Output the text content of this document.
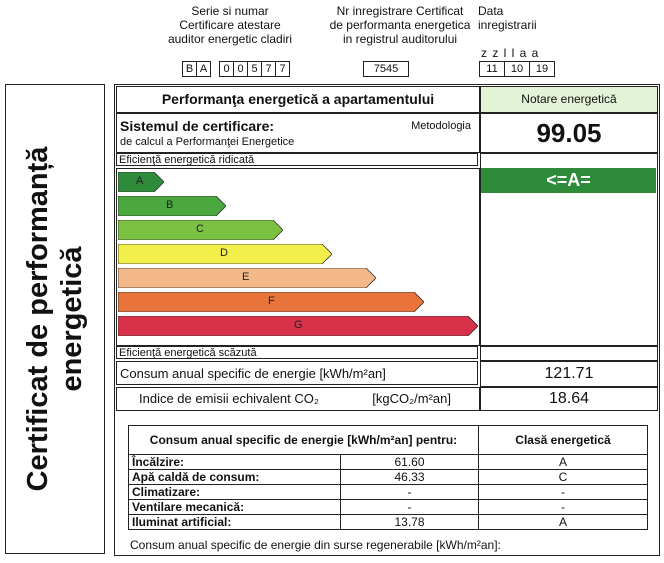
Serie si numar
Certificare atestare
auditor energetic cladiri
Nr inregistrare Certificat
de performanta energetica
in registrul auditorului
Data
inregistrarii
z z l l a a
B A	0 0 5 7 7	7545	11	10	19
Certificat de performanță energetică
Performanţa energetică a apartamentului	Notare energetică
Sistemul de certificare:
de calcul a Performanţei Energetice
Metodologia	99.05
Eficienţă energetică ridicată
<=A=
A
B
C
D
E
F
G
Eficienţă energetică scăzută
Consum anual specific de energie [kWh/m²an]	121.71
Indice de emisii echivalent CO₂	[kgCO₂/m²an]	18.64
Consum anual specific de energie [kWh/m²an] pentru:		Clasă energetică
Încălzire:	61.60	A
Apă caldă de consum:	46.33	C
Climatizare:	-	-
Ventilare mecanică:	-	-
Iluminat artificial:	13.78	A
Consum anual specific de energie din surse regenerabile [kWh/m²an]:
